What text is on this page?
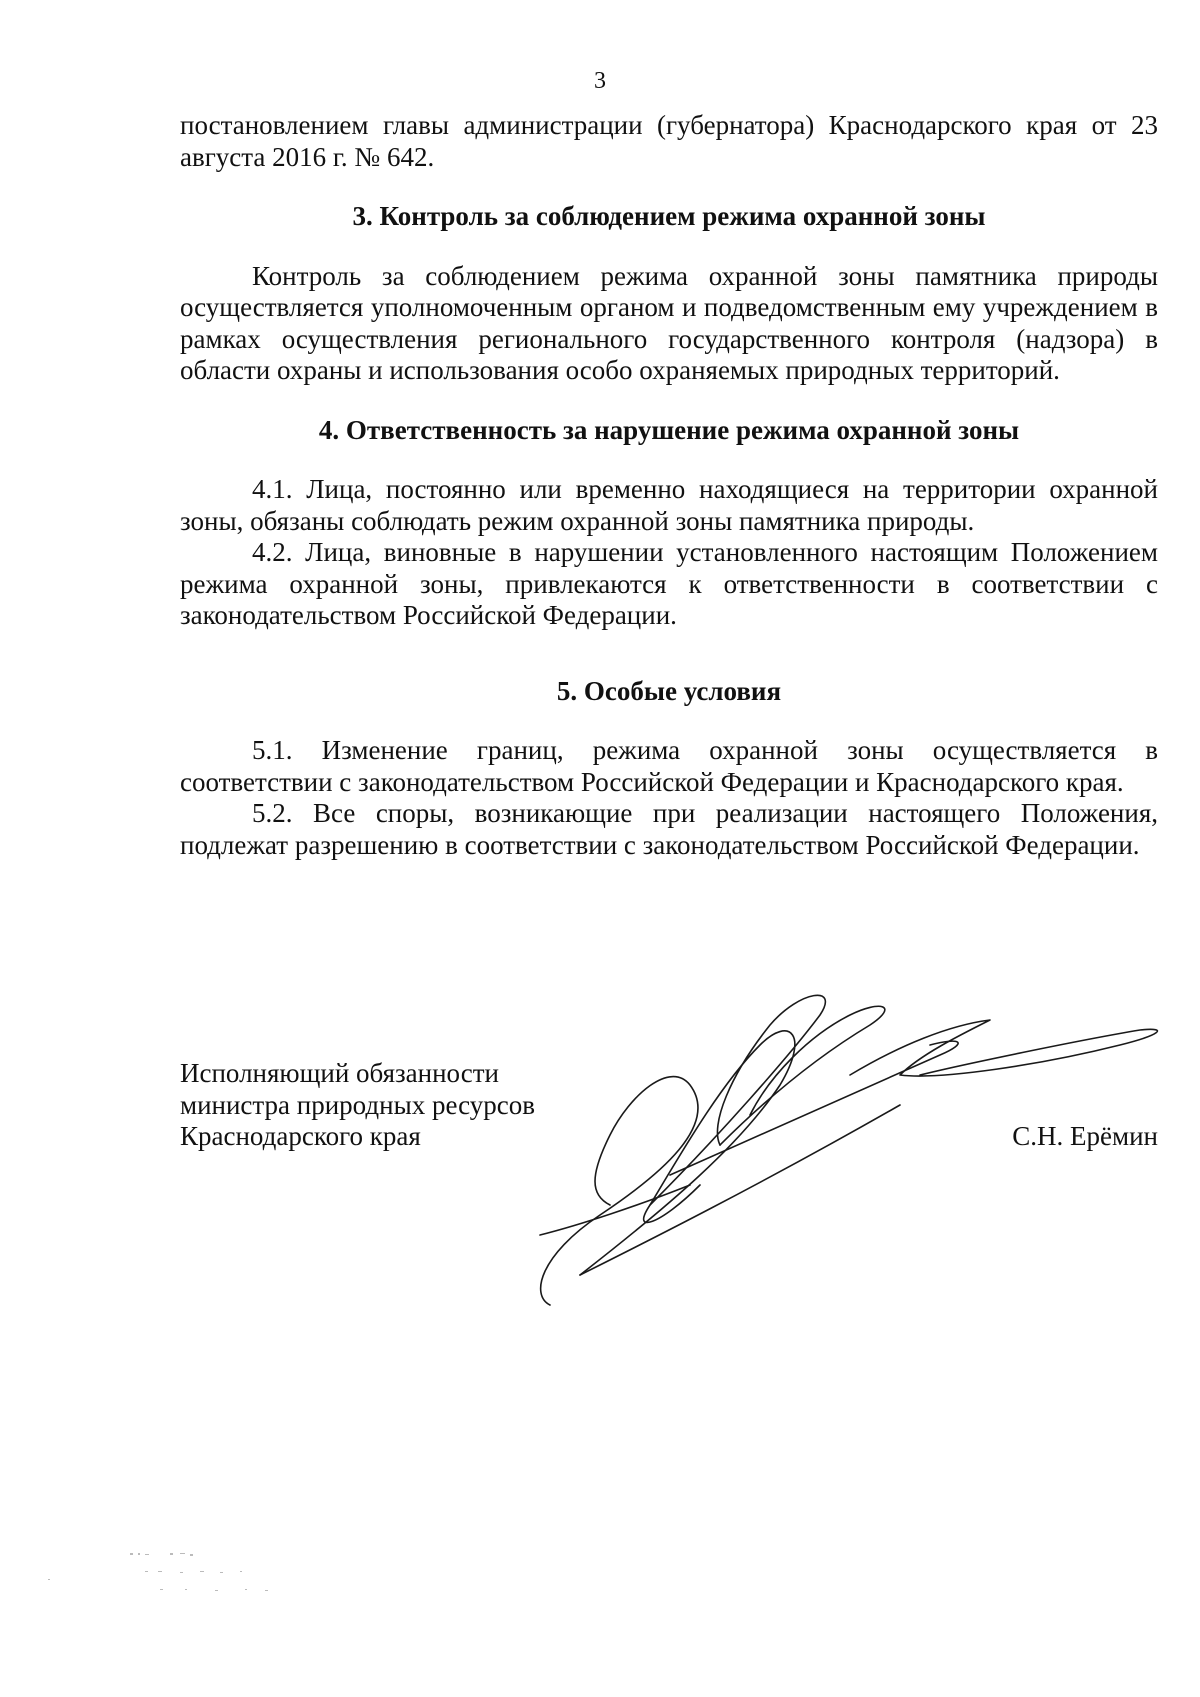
3

постановлением главы администрации (губернатора) Краснодарского края от 23 августа 2016 г. № 642.

3. Контроль за соблюдением режима охранной зоны

Контроль за соблюдением режима охранной зоны памятника природы осуществляется уполномоченным органом и подведомственным ему учреждением в рамках осуществления регионального государственного контроля (надзора) в области охраны и использования особо охраняемых природных территорий.

4. Ответственность за нарушение режима охранной зоны

4.1. Лица, постоянно или временно находящиеся на территории охранной зоны, обязаны соблюдать режим охранной зоны памятника природы.

4.2. Лица, виновные в нарушении установленного настоящим Положением режима охранной зоны, привлекаются к ответственности в соответствии с законодательством Российской Федерации.

5. Особые условия

5.1. Изменение границ, режима охранной зоны осуществляется в соответствии с законодательством Российской Федерации и Краснодарского края.

5.2. Все споры, возникающие при реализации настоящего Положения, подлежат разрешению в соответствии с законодательством Российской Федерации.

Исполняющий обязанности
министра природных ресурсов
Краснодарского края	С.Н. Ерёмин
